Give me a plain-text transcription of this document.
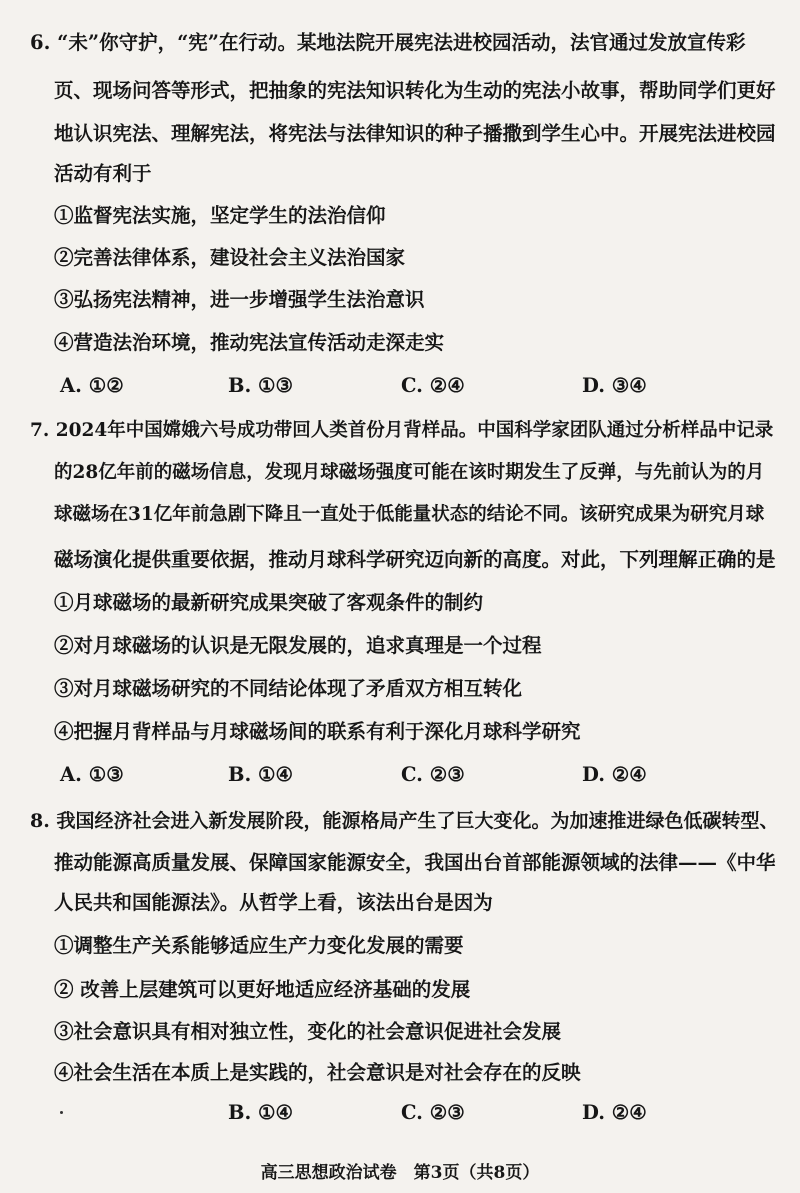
6. “未”你守护，“宪”在行动。某地法院开展宪法进校园活动，法官通过发放宣传彩
页、现场问答等形式，把抽象的宪法知识转化为生动的宪法小故事，帮助同学们更好
地认识宪法、理解宪法，将宪法与法律知识的种子播撒到学生心中。开展宪法进校园
活动有利于
①监督宪法实施，坚定学生的法治信仰
②完善法律体系，建设社会主义法治国家
③弘扬宪法精神，进一步增强学生法治意识
④营造法治环境，推动宪法宣传活动走深走实
A. ①②	B. ①③	C. ②④	D. ③④
7. 2024年中国嫦娥六号成功带回人类首份月背样品。中国科学家团队通过分析样品中记录
的28亿年前的磁场信息，发现月球磁场强度可能在该时期发生了反弹，与先前认为的月
球磁场在31亿年前急剧下降且一直处于低能量状态的结论不同。该研究成果为研究月球
磁场演化提供重要依据，推动月球科学研究迈向新的高度。对此，下列理解正确的是
①月球磁场的最新研究成果突破了客观条件的制约
②对月球磁场的认识是无限发展的，追求真理是一个过程
③对月球磁场研究的不同结论体现了矛盾双方相互转化
④把握月背样品与月球磁场间的联系有利于深化月球科学研究
A. ①③	B. ①④	C. ②③	D. ②④
8. 我国经济社会进入新发展阶段，能源格局产生了巨大变化。为加速推进绿色低碳转型、
推动能源高质量发展、保障国家能源安全，我国出台首部能源领域的法律——《中华
人民共和国能源法》。从哲学上看，该法出台是因为
①调整生产关系能够适应生产力变化发展的需要
② 改善上层建筑可以更好地适应经济基础的发展
③社会意识具有相对独立性，变化的社会意识促进社会发展
④社会生活在本质上是实践的，社会意识是对社会存在的反映
B. ①④	C. ②③	D. ②④
高三思想政治试卷　第3页（共8页）
